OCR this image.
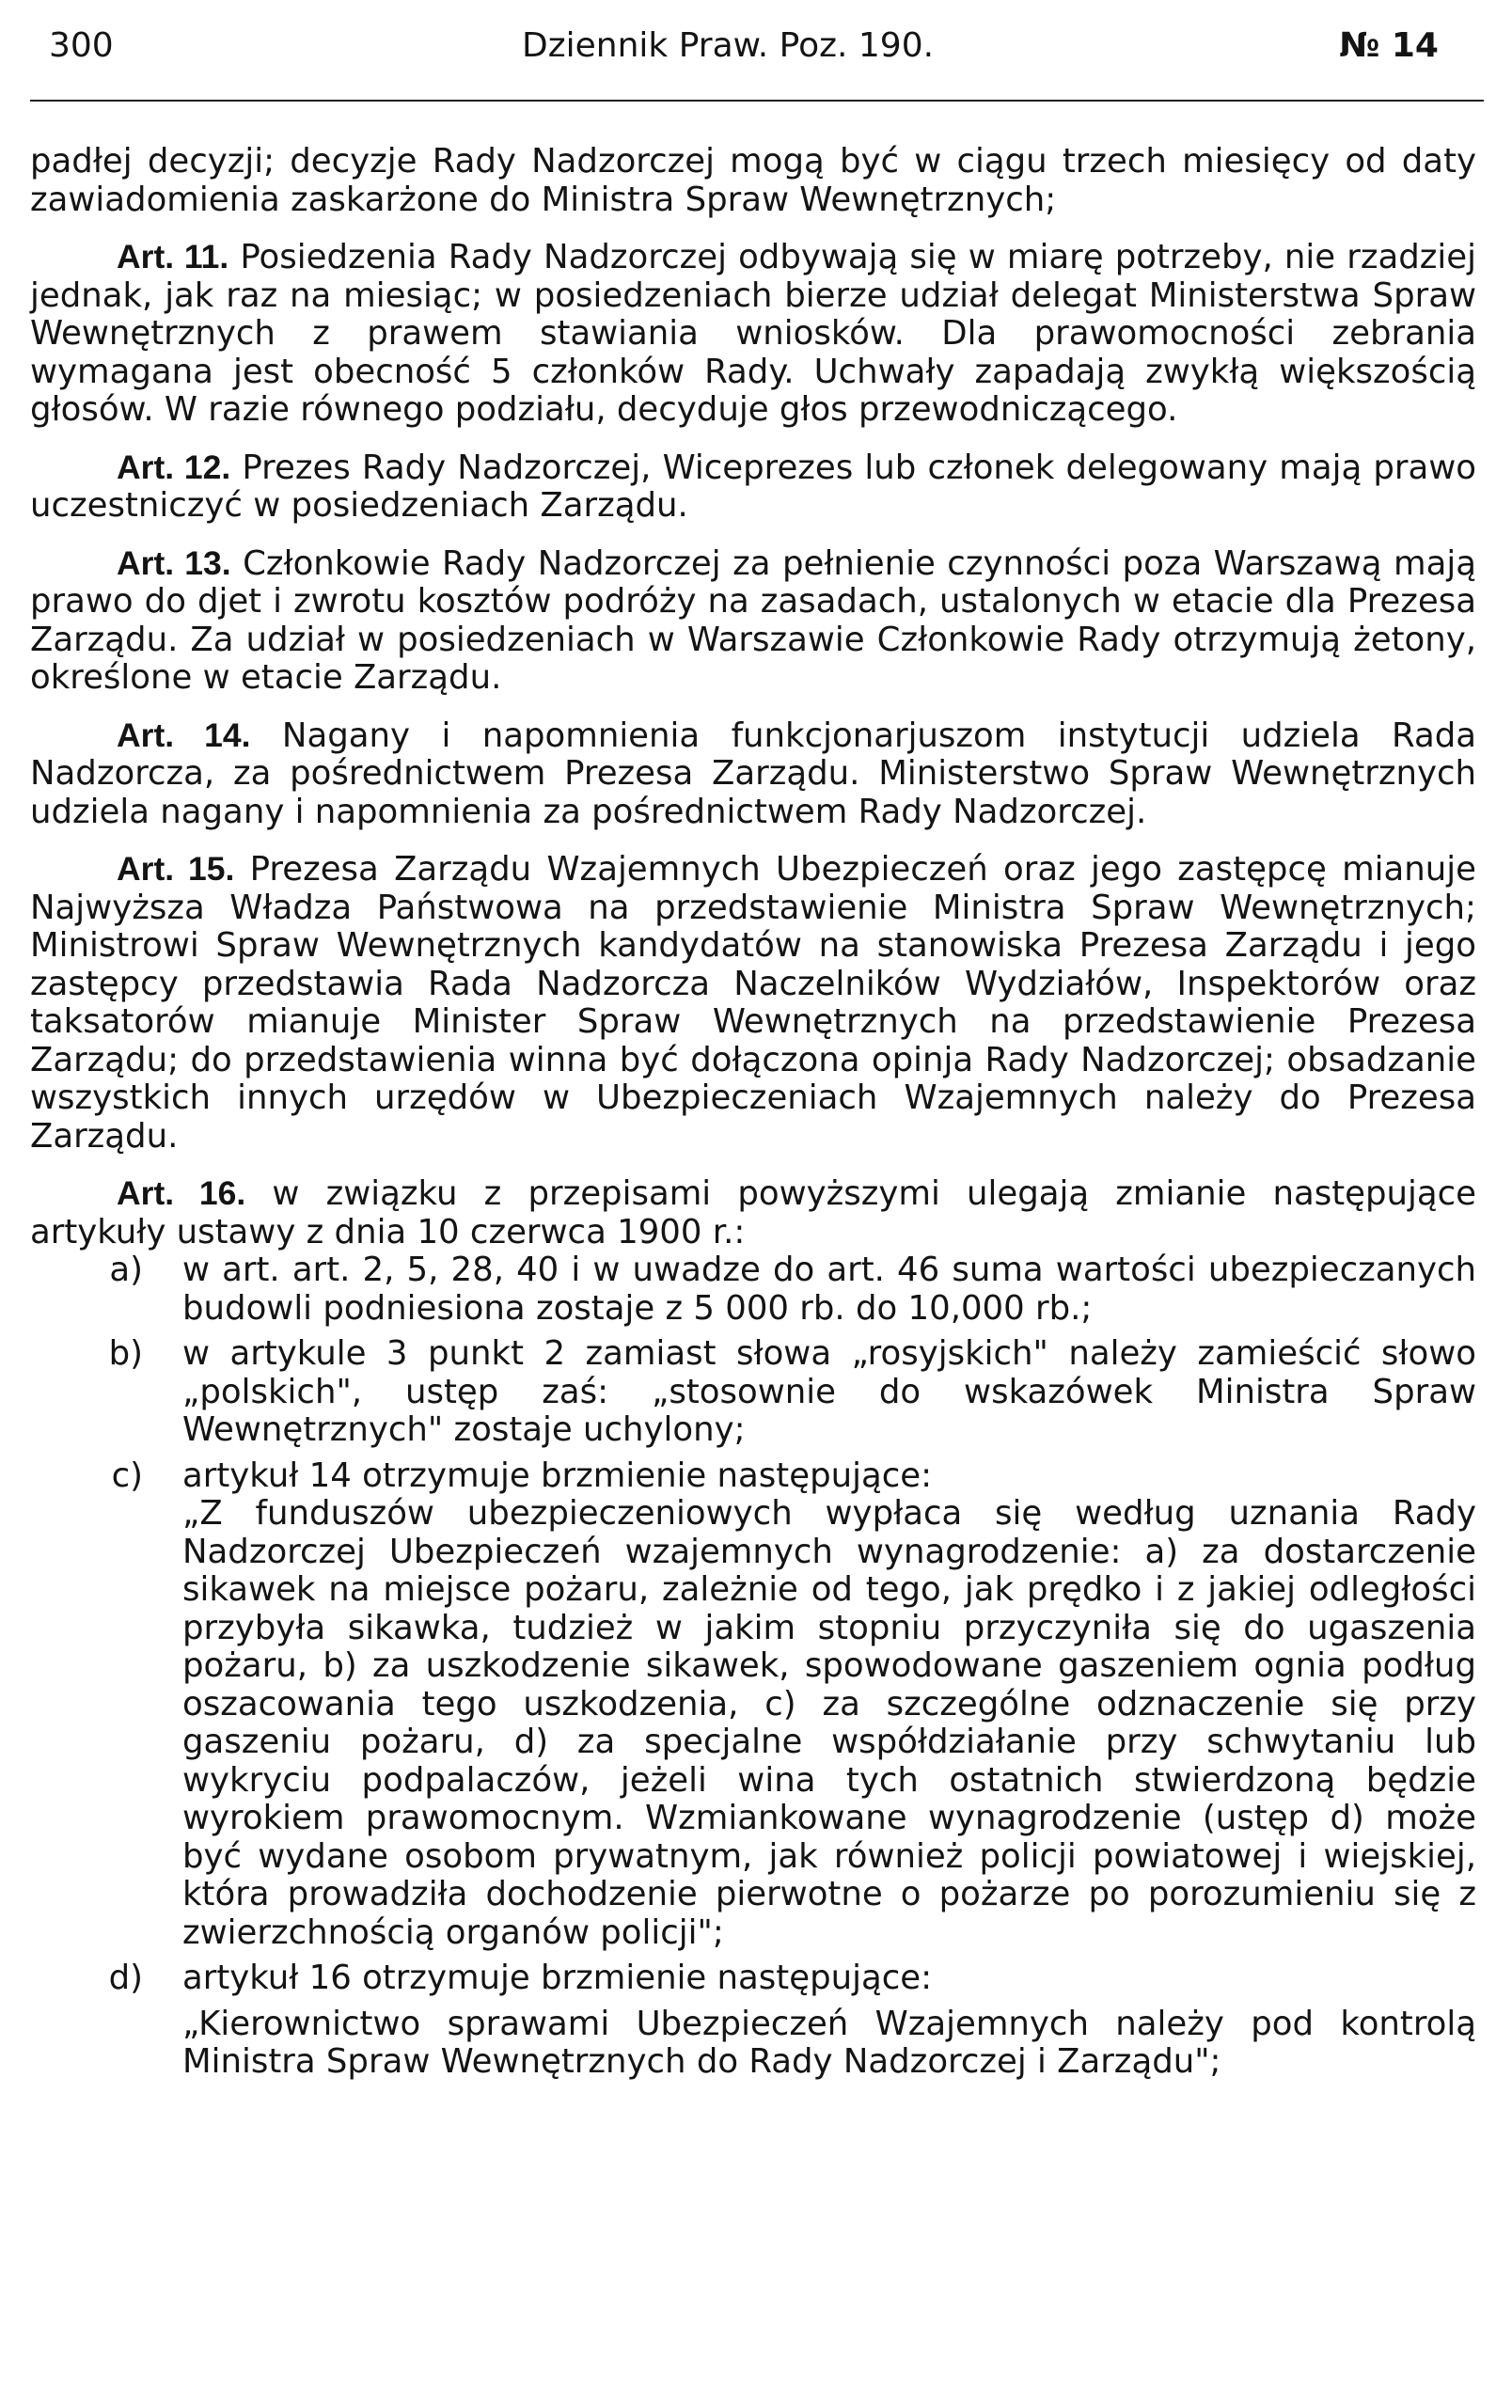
300	Dziennik Praw. Poz. 190.	№ 14

padłej decyzji; decyzje Rady Nadzorczej mogą być w ciągu trzech miesięcy od daty zawiadomienia zaskarżone do Ministra Spraw Wewnętrznych;

Art. 11. Posiedzenia Rady Nadzorczej odbywają się w miarę potrzeby, nie rzadziej jednak, jak raz na miesiąc; w posiedzeniach bierze udział delegat Ministerstwa Spraw Wewnętrznych z prawem stawiania wniosków. Dla prawomocności zebrania wymagana jest obecność 5 członków Rady. Uchwały zapadają zwykłą większością głosów. W razie równego podziału, decyduje głos przewodniczącego.

Art. 12. Prezes Rady Nadzorczej, Wiceprezes lub członek delegowany mają prawo uczestniczyć w posiedzeniach Zarządu.

Art. 13. Członkowie Rady Nadzorczej za pełnienie czynności poza Warszawą mają prawo do djet i zwrotu kosztów podróży na zasadach, ustalonych w etacie dla Prezesa Zarządu. Za udział w posiedzeniach w Warszawie Członkowie Rady otrzymują żetony, określone w etacie Zarządu.

Art. 14. Nagany i napomnienia funkcjonarjuszom instytucji udziela Rada Nadzorcza, za pośrednictwem Prezesa Zarządu. Ministerstwo Spraw Wewnętrznych udziela nagany i napomnienia za pośrednictwem Rady Nadzorczej.

Art. 15. Prezesa Zarządu Wzajemnych Ubezpieczeń oraz jego zastępcę mianuje Najwyższa Władza Państwowa na przedstawienie Ministra Spraw Wewnętrznych; Ministrowi Spraw Wewnętrznych kandydatów na stanowiska Prezesa Zarządu i jego zastępcy przedstawia Rada Nadzorcza Naczelników Wydziałów, Inspektorów oraz taksatorów mianuje Minister Spraw Wewnętrznych na przedstawienie Prezesa Zarządu; do przedstawienia winna być dołączona opinja Rady Nadzorczej; obsadzanie wszystkich innych urzędów w Ubezpieczeniach Wzajemnych należy do Prezesa Zarządu.

Art. 16. w związku z przepisami powyższymi ulegają zmianie następujące artykuły ustawy z dnia 10 czerwca 1900 r.:

a)	w art. art. 2, 5, 28, 40 i w uwadze do art. 46 suma wartości ubezpieczanych budowli podniesiona zostaje z 5 000 rb. do 10,000 rb.;

b)	w artykule 3 punkt 2 zamiast słowa „rosyjskich" należy zamieścić słowo „polskich", ustęp zaś: „stosownie do wskazówek Ministra Spraw Wewnętrznych" zostaje uchylony;

c)	artykuł 14 otrzymuje brzmienie następujące:

„Z funduszów ubezpieczeniowych wypłaca się według uznania Rady Nadzorczej Ubezpieczeń wzajemnych wynagrodzenie: a) za dostarczenie sikawek na miejsce pożaru, zależnie od tego, jak prędko i z jakiej odległości przybyła sikawka, tudzież w jakim stopniu przyczyniła się do ugaszenia pożaru, b) za uszkodzenie sikawek, spowodowane gaszeniem ognia podług oszacowania tego uszkodzenia, c) za szczególne odznaczenie się przy gaszeniu pożaru, d) za specjalne współdziałanie przy schwytaniu lub wykryciu podpalaczów, jeżeli wina tych ostatnich stwierdzoną będzie wyrokiem prawomocnym. Wzmiankowane wynagrodzenie (ustęp d) może być wydane osobom prywatnym, jak również policji powiatowej i wiejskiej, która prowadziła dochodzenie pierwotne o pożarze po porozumieniu się z zwierzchnością organów policji";

d)	artykuł 16 otrzymuje brzmienie następujące:

„Kierownictwo sprawami Ubezpieczeń Wzajemnych należy pod kontrolą Ministra Spraw Wewnętrznych do Rady Nadzorczej i Zarządu";
